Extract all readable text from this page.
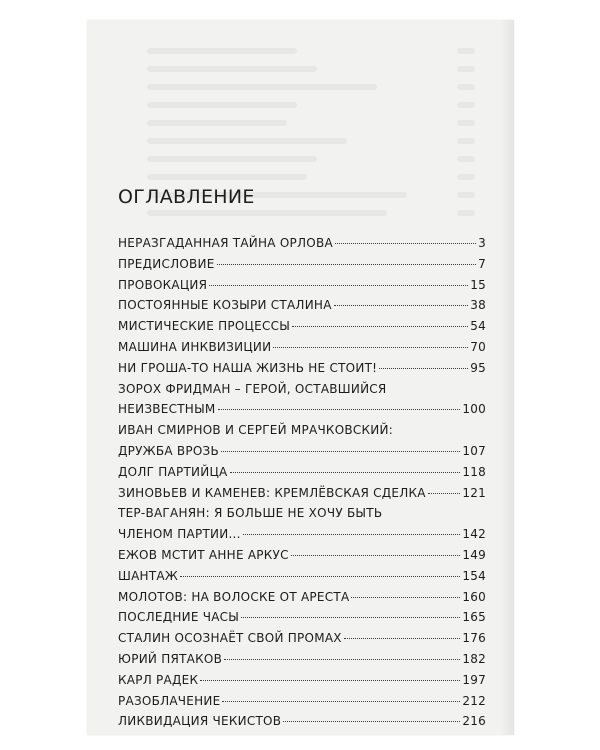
ОГЛАВЛЕНИЕ
НЕРАЗГАДАННАЯ ТАЙНА ОРЛОВА	3
ПРЕДИСЛОВИЕ	7
ПРОВОКАЦИЯ	15
ПОСТОЯННЫЕ КОЗЫРИ СТАЛИНА	38
МИСТИЧЕСКИЕ ПРОЦЕССЫ	54
МАШИНА ИНКВИЗИЦИИ	70
НИ ГРОША-ТО НАША ЖИЗНЬ НЕ СТОИТ!	95
ЗОРОХ ФРИДМАН – ГЕРОЙ, ОСТАВШИЙСЯ
НЕИЗВЕСТНЫМ	100
ИВАН СМИРНОВ И СЕРГЕЙ МРАЧКОВСКИЙ:
ДРУЖБА ВРОЗЬ	107
ДОЛГ ПАРТИЙЦА	118
ЗИНОВЬЕВ И КАМЕНЕВ: КРЕМЛЁВСКАЯ СДЕЛКА	121
ТЕР-ВАГАНЯН: Я БОЛЬШЕ НЕ ХОЧУ БЫТЬ
ЧЛЕНОМ ПАРТИИ...	142
ЕЖОВ МСТИТ АННЕ АРКУС	149
ШАНТАЖ	154
МОЛОТОВ: НА ВОЛОСКЕ ОТ АРЕСТА	160
ПОСЛЕДНИЕ ЧАСЫ	165
СТАЛИН ОСОЗНАЁТ СВОЙ ПРОМАХ	176
ЮРИЙ ПЯТАКОВ	182
КАРЛ РАДЕК	197
РАЗОБЛАЧЕНИЕ	212
ЛИКВИДАЦИЯ ЧЕКИСТОВ	216
